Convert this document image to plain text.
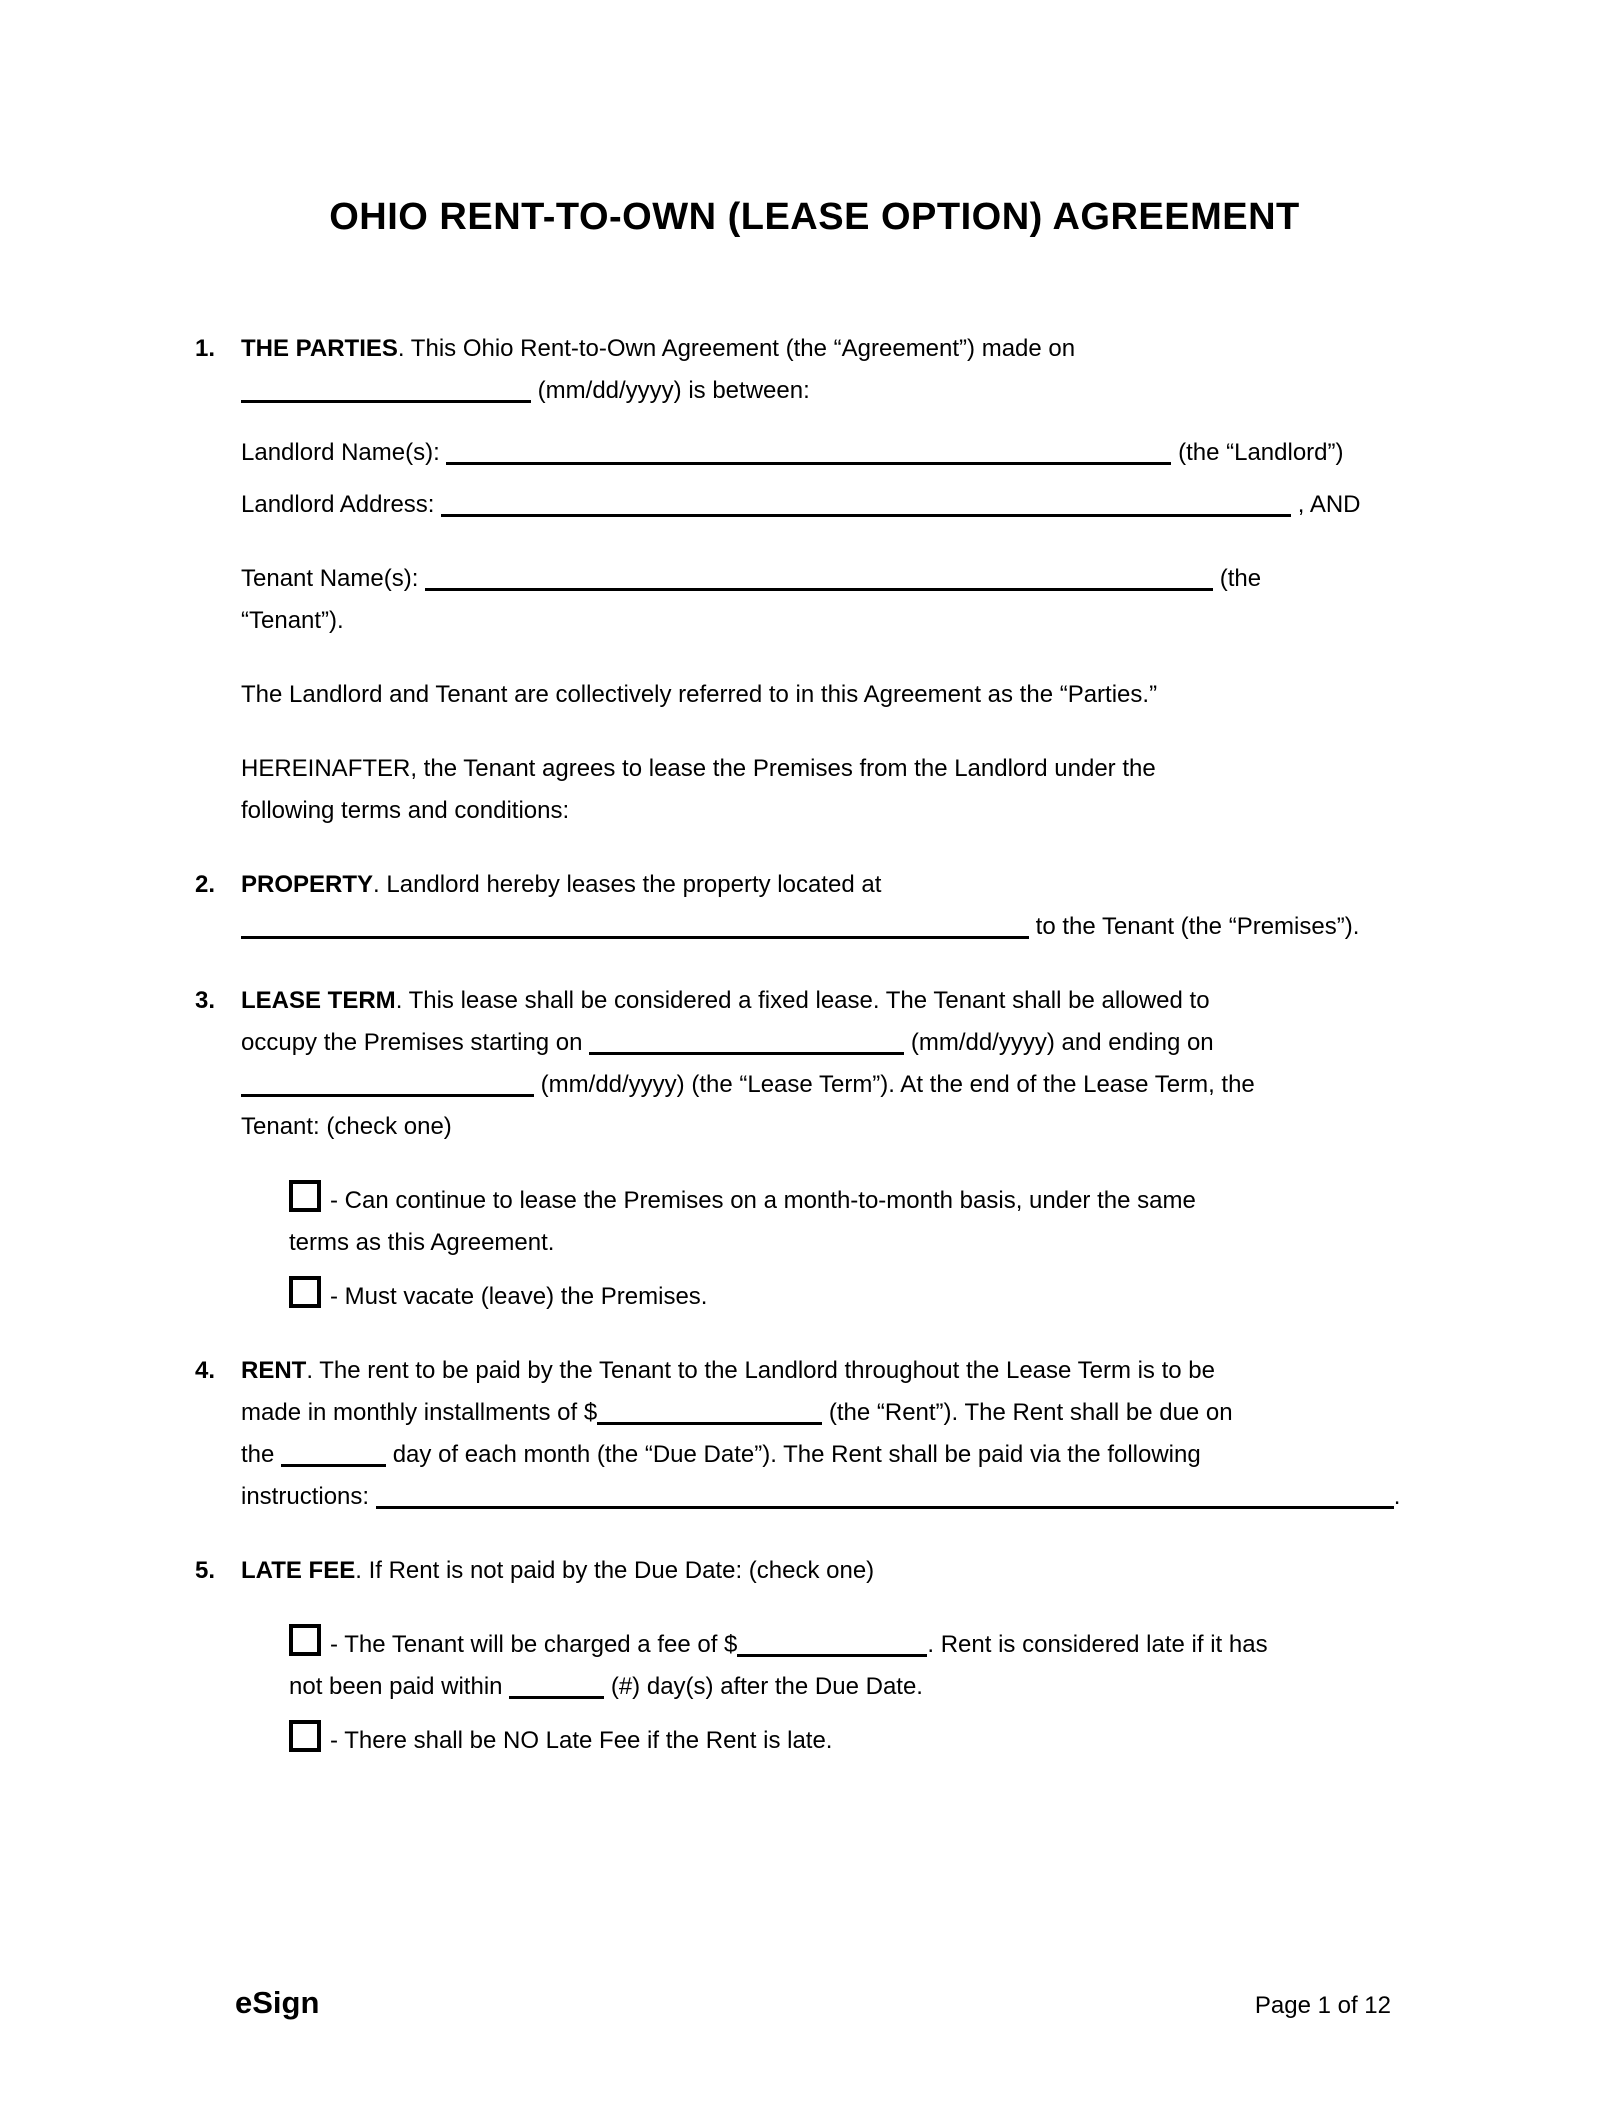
OHIO RENT-TO-OWN (LEASE OPTION) AGREEMENT
1.	THE PARTIES. This Ohio Rent-to-Own Agreement (the “Agreement”) made on
(mm/dd/yyyy) is between:
Landlord Name(s):	(the “Landlord”)
Landlord Address:	, AND
Tenant Name(s):	(the
“Tenant”).
The Landlord and Tenant are collectively referred to in this Agreement as the “Parties.”
HEREINAFTER, the Tenant agrees to lease the Premises from the Landlord under the
following terms and conditions:
2.	PROPERTY. Landlord hereby leases the property located at
to the Tenant (the “Premises”).
3.	LEASE TERM. This lease shall be considered a fixed lease. The Tenant shall be allowed to
occupy the Premises starting on	(mm/dd/yyyy) and ending on
(mm/dd/yyyy) (the “Lease Term”). At the end of the Lease Term, the
Tenant: (check one)
- Can continue to lease the Premises on a month-to-month basis, under the same
terms as this Agreement.
- Must vacate (leave) the Premises.
4.	RENT. The rent to be paid by the Tenant to the Landlord throughout the Lease Term is to be
made in monthly installments of $	(the “Rent”). The Rent shall be due on
the	day of each month (the “Due Date”). The Rent shall be paid via the following
instructions:	.
5.	LATE FEE. If Rent is not paid by the Due Date: (check one)
- The Tenant will be charged a fee of $	. Rent is considered late if it has
not been paid within	(#) day(s) after the Due Date.
- There shall be NO Late Fee if the Rent is late.
eSign	Page 1 of 12
